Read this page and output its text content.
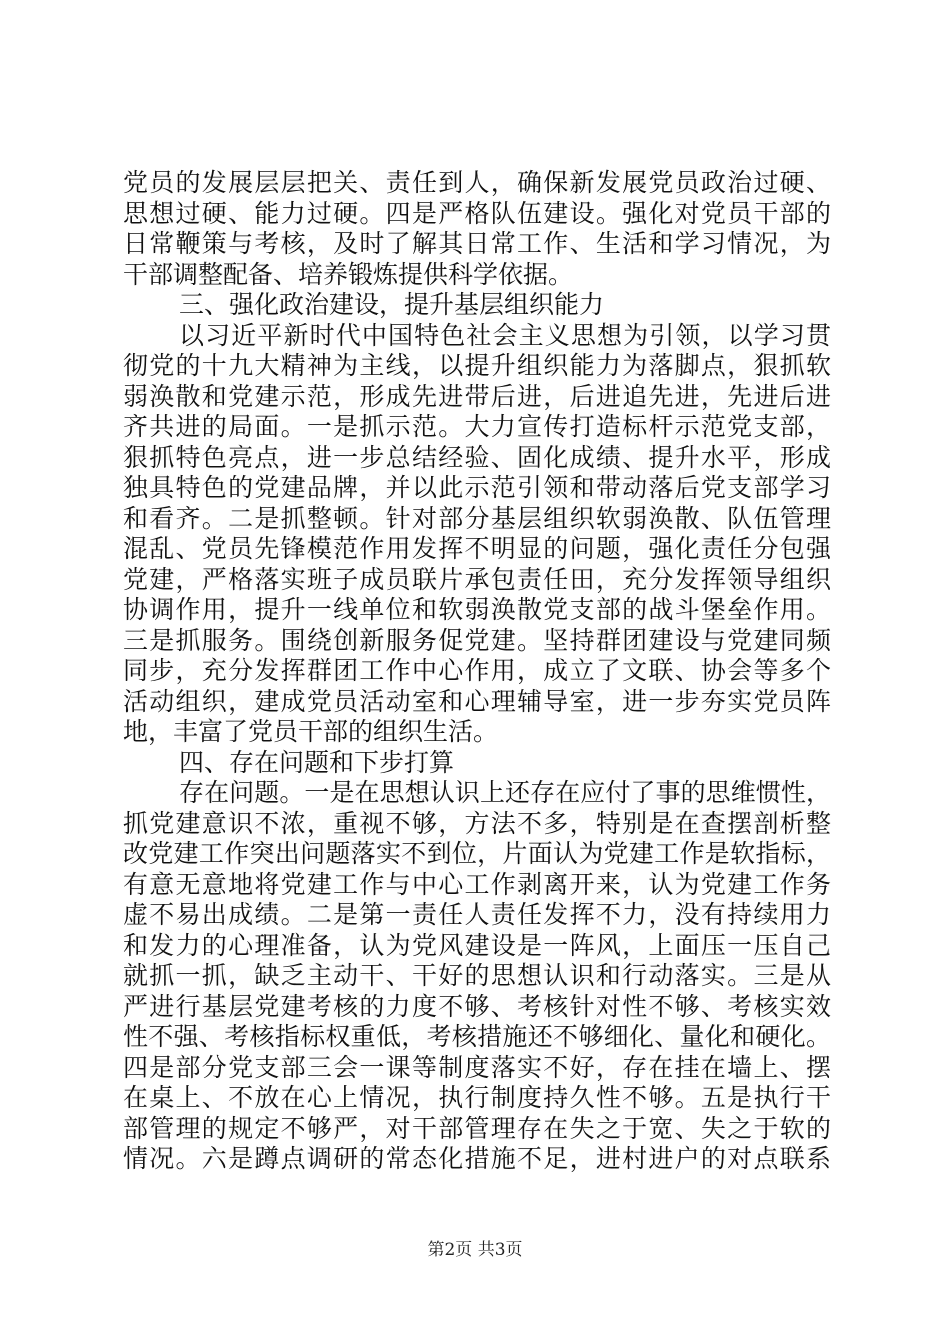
党员的发展层层把关、责任到人，确保新发展党员政治过硬、
思想过硬、能力过硬。四是严格队伍建设。强化对党员干部的
日常鞭策与考核，及时了解其日常工作、生活和学习情况，为
干部调整配备、培养锻炼提供科学依据。
三、强化政治建设，提升基层组织能力
以习近平新时代中国特色社会主义思想为引领，以学习贯
彻党的十九大精神为主线，以提升组织能力为落脚点，狠抓软
弱涣散和党建示范，形成先进带后进，后进追先进，先进后进
齐共进的局面。一是抓示范。大力宣传打造标杆示范党支部，
狠抓特色亮点，进一步总结经验、固化成绩、提升水平，形成
独具特色的党建品牌，并以此示范引领和带动落后党支部学习
和看齐。二是抓整顿。针对部分基层组织软弱涣散、队伍管理
混乱、党员先锋模范作用发挥不明显的问题，强化责任分包强
党建，严格落实班子成员联片承包责任田，充分发挥领导组织
协调作用，提升一线单位和软弱涣散党支部的战斗堡垒作用。
三是抓服务。围绕创新服务促党建。坚持群团建设与党建同频
同步，充分发挥群团工作中心作用，成立了文联、协会等多个
活动组织，建成党员活动室和心理辅导室，进一步夯实党员阵
地，丰富了党员干部的组织生活。
四、存在问题和下步打算
存在问题。一是在思想认识上还存在应付了事的思维惯性，
抓党建意识不浓，重视不够，方法不多，特别是在查摆剖析整
改党建工作突出问题落实不到位，片面认为党建工作是软指标，
有意无意地将党建工作与中心工作剥离开来，认为党建工作务
虚不易出成绩。二是第一责任人责任发挥不力，没有持续用力
和发力的心理准备，认为党风建设是一阵风，上面压一压自己
就抓一抓，缺乏主动干、干好的思想认识和行动落实。三是从
严进行基层党建考核的力度不够、考核针对性不够、考核实效
性不强、考核指标权重低，考核措施还不够细化、量化和硬化。
四是部分党支部三会一课等制度落实不好，存在挂在墙上、摆
在桌上、不放在心上情况，执行制度持久性不够。五是执行干
部管理的规定不够严，对干部管理存在失之于宽、失之于软的
情况。六是蹲点调研的常态化措施不足，进村进户的对点联系
第2页 共3页
